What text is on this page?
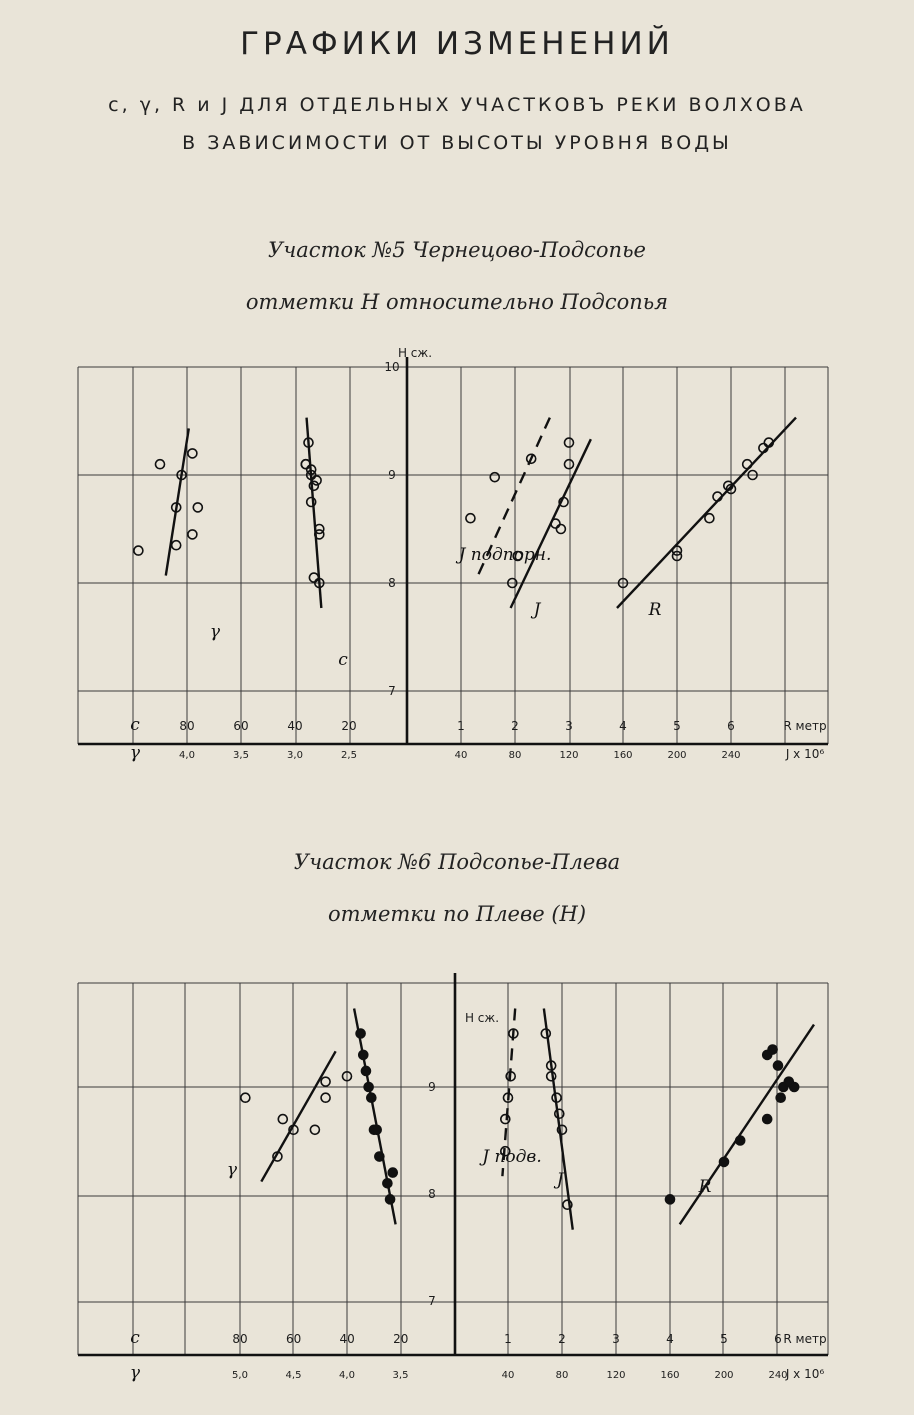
ГРАФИКИ ИЗМЕНЕНИЙ
с, γ, R и J ДЛЯ ОТДЕЛЬНЫХ УЧАСТКОВЪ РЕКИ ВОЛХОВА
В ЗАВИСИМОСТИ ОТ ВЫСОТЫ УРОВНЯ ВОДЫ
Участок №5 Чернецово-Подсопье
отметки Н относительно Подсопья
Участок №6 Подсопье-Плева
отметки по Плеве (Н)
Н сж.
10
9
8
7
c	80	60	40	20
γ	4,0	3,5	3,0	2,5
1	2	3	4	5	6	R метр
40	80	120	160	200	240	J x 10⁶
J подпорн.
J	R
γ
c
Н сж.
9
8
7
c	80	60	40	20
γ	5,0	4,5	4,0	3,5
1	2	3	4	5	6 R метр
40	80	120	160	200	240
J x 10⁶
J подв.
J	R
γ
